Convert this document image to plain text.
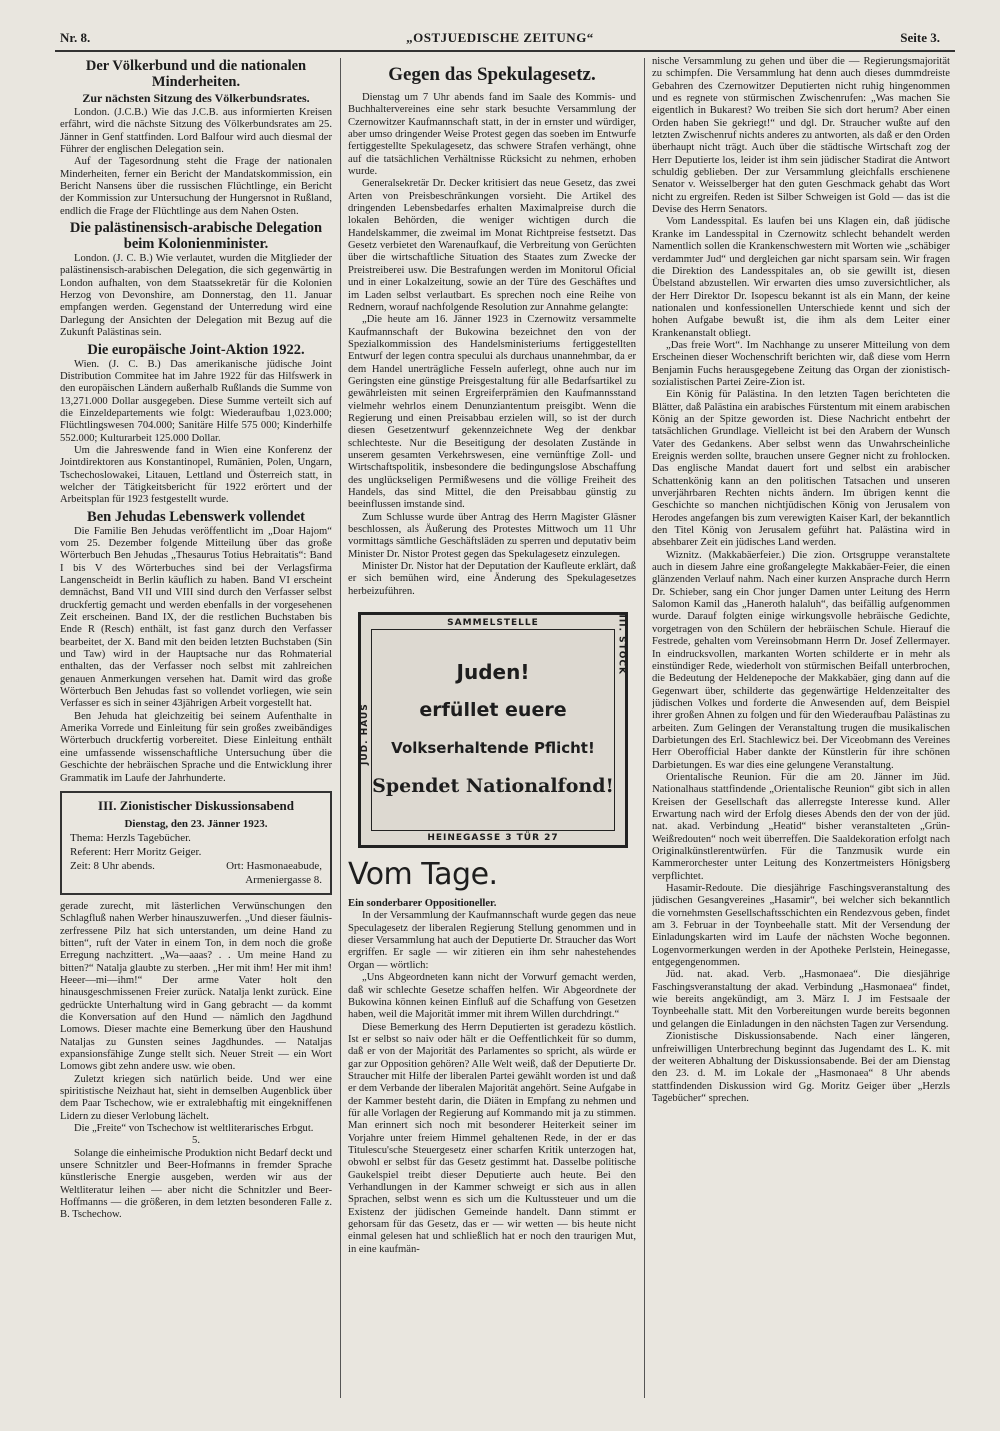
Nr. 8.	„OSTJUEDISCHE ZEITUNG“	Seite 3.
Der Völkerbund und die nationalen Minderheiten.
Zur nächsten Sitzung des Völkerbundsrates.

London. (J.C.B.) Wie das J.C.B. aus informierten Kreisen erfährt, wird die nächste Sitzung des Völkerbundsrates am 25. Jänner in Genf stattfinden. Lord Balfour wird auch diesmal der Führer der englischen Delegation sein.

Auf der Tagesordnung steht die Frage der nationalen Minderheiten, ferner ein Bericht der Mandatskommission, ein Bericht Nansens über die russischen Flüchtlinge, ein Bericht der Kommission zur Untersuchung der Hungersnot in Rußland, endlich die Frage der Flüchtlinge aus dem Nahen Osten.

Die palästinensisch-arabische Delegation beim Kolonienminister.

London. (J. C. B.) Wie verlautet, wurden die Mitglieder der palästinensisch-arabischen Delegation, die sich gegenwärtig in London aufhalten, von dem Staatssekretär für die Kolonien Herzog von Devonshire, am Donnerstag, den 11. Januar empfangen werden. Gegenstand der Unterredung wird eine Darlegung der Ansichten der Delegation mit Bezug auf die Zukunft Palästinas sein.

Die europäische Joint-Aktion 1922.

Wien. (J. C. B.) Das amerikanische jüdische Joint Distribution Commitee hat im Jahre 1922 für das Hilfswerk in den europäischen Ländern außerhalb Rußlands die Summe von 13,271.000 Dollar ausgegeben. Diese Summe verteilt sich auf die Einzeldepartements wie folgt: Wiederaufbau 1,023.000; Flüchtlingswesen 704.000; Sanitäre Hilfe 575 000; Kinderhilfe 552.000; Kulturarbeit 125.000 Dollar.

Um die Jahreswende fand in Wien eine Konferenz der Jointdirektoren aus Konstantinopel, Rumänien, Polen, Ungarn, Tschechoslowakei, Litauen, Lettland und Österreich statt, in welcher der Tätigkeitsbericht für 1922 erörtert und der Arbeitsplan für 1923 festgestellt wurde.

Ben Jehudas Lebenswerk vollendet

Die Familie Ben Jehudas veröffentlicht im „Doar Hajom“ vom 25. Dezember folgende Mitteilung über das große Wörterbuch Ben Jehudas „Thesaurus Totius Hebraitatis“: Band I bis V des Wörterbuches sind bei der Verlagsfirma Langenscheidt in Berlin käuflich zu haben. Band VI erscheint demnächst, Band VII und VIII sind durch den Verfasser selbst druckfertig gemacht und werden ebenfalls in der vorgesehenen Zeit erscheinen. Band IX, der die restlichen Buchstaben bis Ende R (Resch) enthält, ist fast ganz durch den Verfasser bearbeitet, der X. Band mit den beiden letzten Buchstaben (Sin und Taw) wird in der Hauptsache nur das Rohmaterial enthalten, das der Verfasser noch selbst mit zahlreichen genauen Anmerkungen versehen hat. Damit wird das große Wörterbuch Ben Jehudas fast so vollendet vorliegen, wie sein Verfasser es sich in seiner 43jährigen Arbeit vorgestellt hat.

Ben Jehuda hat gleichzeitig bei seinem Aufenthalte in Amerika Vorrede und Einleitung für sein großes zweibändiges Wörterbuch druckfertig vorbereitet. Diese Einleitung enthält eine umfassende wissenschaftliche Untersuchung über die Geschichte der hebräischen Sprache und die Entwicklung ihrer Grammatik im Laufe der Jahrhunderte.

III. Zionistischer Diskussionsabend
Dienstag, den 23. Jänner 1923.
Thema: Herzls Tagebücher.
Referent: Herr Moritz Geiger.
Zeit: 8 Uhr abends.	Ort: Hasmonaeabude, Armeniergasse 8.

gerade zurecht, mit lästerlichen Verwünschungen den Schlagfluß nahen Werber hinauszuwerfen. „Und dieser fäulnis-zerfressene Pilz hat sich unterstanden, um deine Hand zu bitten“, ruft der Vater in einem Ton, in dem noch die große Erregung nachzittert. „Wa—aaas? . . Um meine Hand zu bitten?“ Natalja glaubte zu sterben. „Her mit ihm! Her mit ihm! Heeer—mi—ihm!“ Der arme Vater holt den hinausgeschmissenen Freier zurück. Natalja lenkt zurück. Eine gedrückte Unterhaltung wird in Gang gebracht — da kommt die Konversation auf den Hund — nämlich den Jagdhund Lomows. Dieser machte eine Bemerkung über den Haushund Nataljas zu Gunsten seines Jagdhundes. — Nataljas expansionsfähige Zunge stellt sich. Neuer Streit — ein Wort Lomows gibt zehn andere usw. wie oben.

Zuletzt kriegen sich natürlich beide. Und wer eine spiritistische Neizhaut hat, sieht in demselben Augenblick über dem Paar Tschechow, wie er extralebhaftig mit eingekniffenen Lidern zu dieser Verlobung lächelt.

Die „Freite“ von Tschechow ist weltliterarisches Erbgut.

5.

Solange die einheimische Produktion nicht Bedarf deckt und unsere Schnitzler und Beer-Hofmanns in fremder Sprache künstlerische Energie ausgeben, werden wir aus der Weltliteratur leihen — aber nicht die Schnitzler und Beer-Hoffmanns — die größeren, in dem letzten besonderen Falle z. B. Tschechow.

Gegen das Spekulagesetz.

Dienstag um 7 Uhr abends fand im Saale des Kommis- und Buchhaltervereines eine sehr stark besuchte Versammlung der Czernowitzer Kaufmannschaft statt, in der in ernster und würdiger, aber umso dringender Weise Protest gegen das soeben im Entwurfe fertiggestellte Spekulagesetz, das schwere Strafen verhängt, ohne auf die tatsächlichen Verhältnisse Rücksicht zu nehmen, erhoben wurde.

Generalsekretär Dr. Decker kritisiert das neue Gesetz, das zwei Arten von Preisbeschränkungen vorsieht. Die Artikel des dringenden Lebensbedarfes erhalten Maximalpreise durch die lokalen Behörden, die weniger wichtigen durch die Handelskammer, die zweimal im Monat Richtpreise festsetzt. Das Gesetz verbietet den Warenaufkauf, die Verbreitung von Gerüchten über die wirtschaftliche Situation des Staates zum Zwecke der Preistreiberei usw. Die Bestrafungen werden im Monitorul Oficial und in einer Lokalzeitung, sowie an der Türe des Geschäftes und im Laden selbst verlautbart. Es sprechen noch eine Reihe von Rednern, worauf nachfolgende Resolution zur Annahme gelangte:

„Die heute am 16. Jänner 1923 in Czernowitz versammelte Kaufmannschaft der Bukowina bezeichnet den von der Spezialkommission des Handelsministeriums fertiggestellten Entwurf der legen contra specului als durchaus unannehmbar, da er dem Handel unerträgliche Fesseln auferlegt, ohne auch nur im Geringsten eine günstige Preisgestaltung für alle Bedarfsartikel zu gewährleisten mit seinen Ergreiferprämien den Kaufmannsstand vielmehr wehrlos einem Denunziantentum preisgibt. Wenn die Regierung und einen Preisabbau erzielen will, so ist der durch diesen Gesetzentwurf gekennzeichnete Weg der denkbar schlechteste. Nur die Beseitigung der desolaten Zustände in unserem gesamten Verkehrswesen, eine vernünftige Zoll- und Wirtschaftspolitik, insbesondere die bedingungslose Abschaffung des unglückseligen Permißwesens und die völlige Freiheit des Handels, das sind Mittel, die den Preisabbau günstig zu beeinflussen imstande sind.

Zum Schlusse wurde über Antrag des Herrn Magister Gläsner beschlossen, als Äußerung des Protestes Mittwoch um 11 Uhr vormittags sämtliche Geschäftsläden zu sperren und deputativ beim Minister Dr. Nistor Protest gegen das Spekulagesetz einzulegen.

Minister Dr. Nistor hat der Deputation der Kaufleute erklärt, daß er sich bemühen wird, eine Änderung des Spekulagesetzes herbeizuführen.

SAMMELSTELLE
Juden!
erfüllet euere
Volkserhaltende Pflicht!
Spendet Nationalfond!
JÜD. HAUS
III. STOCK
HEINEGASSE 3 TÜR 27
Vom Tage.

Ein sonderbarer Oppositioneller.

In der Versammlung der Kaufmannschaft wurde gegen das neue Speculagesetz der liberalen Regierung Stellung genommen und in dieser Versammlung hat auch der Deputierte Dr. Straucher das Wort ergriffen. Er sagle — wir zitieren ein ihm sehr nahestehendes Organ — wörtlich:

„Uns Abgeordneten kann nicht der Vorwurf gemacht werden, daß wir schlechte Gesetze schaffen helfen. Wir Abgeordnete der Bukowina können keinen Einfluß auf die Schaffung von Gesetzen haben, weil die Majorität immer mit ihrem Willen durchdringt.“

Diese Bemerkung des Herrn Deputierten ist geradezu köstlich. Ist er selbst so naiv oder hält er die Oeffentlichkeit für so dumm, daß er von der Majorität des Parlamentes so spricht, als würde er gar zur Opposition gehören? Alle Welt weiß, daß der Deputierte Dr. Straucher mit Hilfe der liberalen Partei gewählt worden ist und daß er dem Verbande der liberalen Majorität angehört. Seine Aufgabe in der Kammer besteht darin, die Diäten in Empfang zu nehmen und für alle Vorlagen der Regierung auf Kommando mit ja zu stimmen. Man erinnert sich noch mit besonderer Heiterkeit seiner im Vorjahre unter freiem Himmel gehaltenen Rede, in der er das Titulescu'sche Steuergesetz einer scharfen Kritik unterzogen hat, obwohl er selbst für das Gesetz gestimmt hat. Dasselbe politische Gaukelspiel treibt dieser Deputierte auch heute. Bei den Verhandlungen in der Kammer schweigt er sich aus in allen Sprachen, selbst wenn es sich um die Kultussteuer und um die Existenz der jüdischen Gemeinde handelt. Dann stimmt er gehorsam für das Gesetz, das er — wir wetten — bis heute nicht einmal gelesen hat und schließlich hat er noch den traurigen Mut, in eine kaufmän-

nische Versammlung zu gehen und über die — Regierungsmajorität zu schimpfen. Die Versammlung hat denn auch dieses dummdreiste Gebahren des Czernowitzer Deputierten nicht ruhig hingenommen und es regnete von stürmischen Zwischenrufen: „Was machen Sie eigentlich in Bukarest? Wo treiben Sie sich dort herum? Aber einen Orden haben Sie gekriegt!“ und dgl. Dr. Straucher wußte auf den letzten Zwischenruf nichts anderes zu antworten, als daß er den Orden überhaupt nicht trägt. Auch über die städtische Wirtschaft zog der Herr Deputierte los, leider ist ihm sein jüdischer Stadirat die Antwort schuldig geblieben. Der zur Versammlung gleichfalls erschienene Senator v. Weisselberger hat den guten Geschmack gehabt das Wort nicht zu ergreifen. Reden ist Silber Schweigen ist Gold — das ist die Devise des Herrn Senators.

Vom Landesspital. Es laufen bei uns Klagen ein, daß jüdische Kranke im Landesspital in Czernowitz schlecht behandelt werden Namentlich sollen die Krankenschwestern mit Worten wie „schäbiger verdammter Jud“ und dergleichen gar nicht sparsam sein. Wir fragen die Direktion des Landesspitales an, ob sie gewillt ist, diesen Übelstand abzustellen. Wir erwarten dies umso zuversichtlicher, als der Herr Direktor Dr. Isopescu bekannt ist als ein Mann, der keine nationalen und konfessionellen Unterschiede kennt und sich der hohen Aufgabe bewußt ist, die ihm als dem Leiter einer Krankenanstalt obliegt.

„Das freie Wort“. Im Nachhange zu unserer Mitteilung von dem Erscheinen dieser Wochenschrift berichten wir, daß diese vom Herrn Benjamin Fuchs herausgegebene Zeitung das Organ der zionistisch-sozialistischen Partei Zeire-Zion ist.

Ein König für Palästina. In den letzten Tagen berichteten die Blätter, daß Palästina ein arabisches Fürstentum mit einem arabischen König an der Spitze geworden ist. Diese Nachricht entbehrt der tatsächlichen Grundlage. Vielleicht ist bei den Arabern der Wunsch Vater des Gedankens. Aber selbst wenn das Unwahrscheinliche Ereignis werden sollte, brauchen unsere Gegner nicht zu frohlocken. Das englische Mandat dauert fort und selbst ein arabischer Schattenkönig kann an den politischen Tatsachen und unseren unverjährbaren Rechten nichts ändern. Im übrigen kennt die Geschichte so manchen nichtjüdischen König von Jerusalem von Herodes angefangen bis zum verewigten Kaiser Karl, der bekanntlich den Titel König von Jerusalem geführt hat. Palästina wird in absehbarer Zeit ein jüdisches Land werden.

Wiznitz. (Makkabäerfeier.) Die zion. Ortsgruppe veranstaltete auch in diesem Jahre eine großangelegte Makkabäer-Feier, die einen glänzenden Verlauf nahm. Nach einer kurzen Ansprache durch Herrn Dr. Schieber, sang ein Chor junger Damen unter Leitung des Herrn Salomon Kamil das „Haneroth halaluh“, das beifällig aufgenommen wurde. Darauf folgten einige wirkungsvolle hebräische Gedichte, vorgetragen von den Schülern der hebräischen Schule. Hierauf die Festrede, gehalten vom Vereinsobmann Herrn Dr. Josef Zellermayer. In eindrucksvollen, markanten Worten schilderte er in mehr als einstündiger Rede, wiederholt von stürmischen Beifall unterbrochen, die Bedeutung der Heldenepoche der Makkabäer, ging dann auf die Gegenwart über, schilderte das gegenwärtige Heldenzeitalter des jüdischen Volkes und forderte die Anwesenden auf, dem Beispiel ihrer großen Ahnen zu folgen und für den Wiederaufbau Palästinas zu arbeiten. Zum Gelingen der Veranstaltung trugen die musikalischen Darbietungen des Erl. Stachlewicz bei. Der Viceobmann des Vereines Herr Oberofficial Haber dankte der Künstlerin für ihre schönen Darbietungen. Es war dies eine gelungene Veranstaltung.

Orientalische Reunion. Für die am 20. Jänner im Jüd. Nationalhaus stattfindende „Orientalische Reunion“ gibt sich in allen Kreisen der Gesellschaft das allerregste Interesse kund. Aller Erwartung nach wird der Erfolg dieses Abends den der von der jüd. nat. akad. Verbindung „Heatid“ bisher veranstalteten „Grün-Weißredouten“ noch weit überreffen. Die Saaldekoration erfolgt nach Originalkünstlerentwürfen. Für die Tanzmusik wurde ein Kammerorchester unter Leitung des Konzertmeisters Hönigsberg verpflichtet.

Hasamir-Redoute. Die diesjährige Faschingsveranstaltung des jüdischen Gesangvereines „Hasamir“, bei welcher sich bekanntlich die vornehmsten Gesellschaftsschichten ein Rendezvous geben, findet am 3. Februar in der Toynbeehalle statt. Mit der Versendung der Einladungskarten wird im Laufe der nächsten Woche begonnen. Logenvormerkungen werden in der Apotheke Perlstein, Heinegasse, entgegengenommen.

Jüd. nat. akad. Verb. „Hasmonaea“. Die diesjährige Faschingsveranstaltung der akad. Verbindung „Hasmonaea“ findet, wie bereits angekündigt, am 3. März I. J im Festsaale der Toynbeehalle statt. Mit den Vorbereitungen wurde bereits begonnen und gelangen die Einladungen in den nächsten Tagen zur Versendung.

Zionistische Diskussionsabende. Nach einer längeren, unfreiwilligen Unterbrechung beginnt das Jugendamt des L. K. mit der weiteren Abhaltung der Diskussionsabende. Bei der am Dienstag den 23. d. M. im Lokale der „Hasmonaea“ 8 Uhr abends stattfindenden Diskussion wird Gg. Moritz Geiger über „Herzls Tagebücher“ sprechen.
